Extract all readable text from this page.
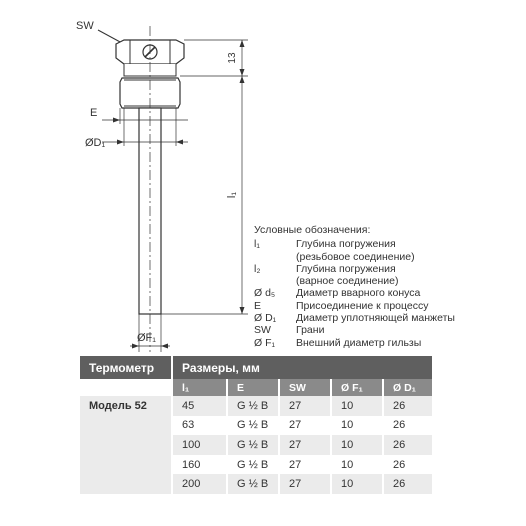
SW
13
E
ØD₁
l₁
ØF₁
Условные обозначения:
l₁	Глубина погружения
(резьбовое соединение)
l₂	Глубина погружения
(варное соединение)
Ø d₅	Диаметр вварного конуса
E	Присоединение к процессу
Ø D₁	Диаметр уплотняющей манжеты
SW	Грани
Ø F₁	Внешний диаметр гильзы
Термометр	Размеры, мм				
	l₁	E	SW	Ø F₁	Ø D₁
Модель 52	45	G ½ B	27	10	26
	63	G ½ B	27	10	26
	100	G ½ B	27	10	26
	160	G ½ B	27	10	26
	200	G ½ B	27	10	26
